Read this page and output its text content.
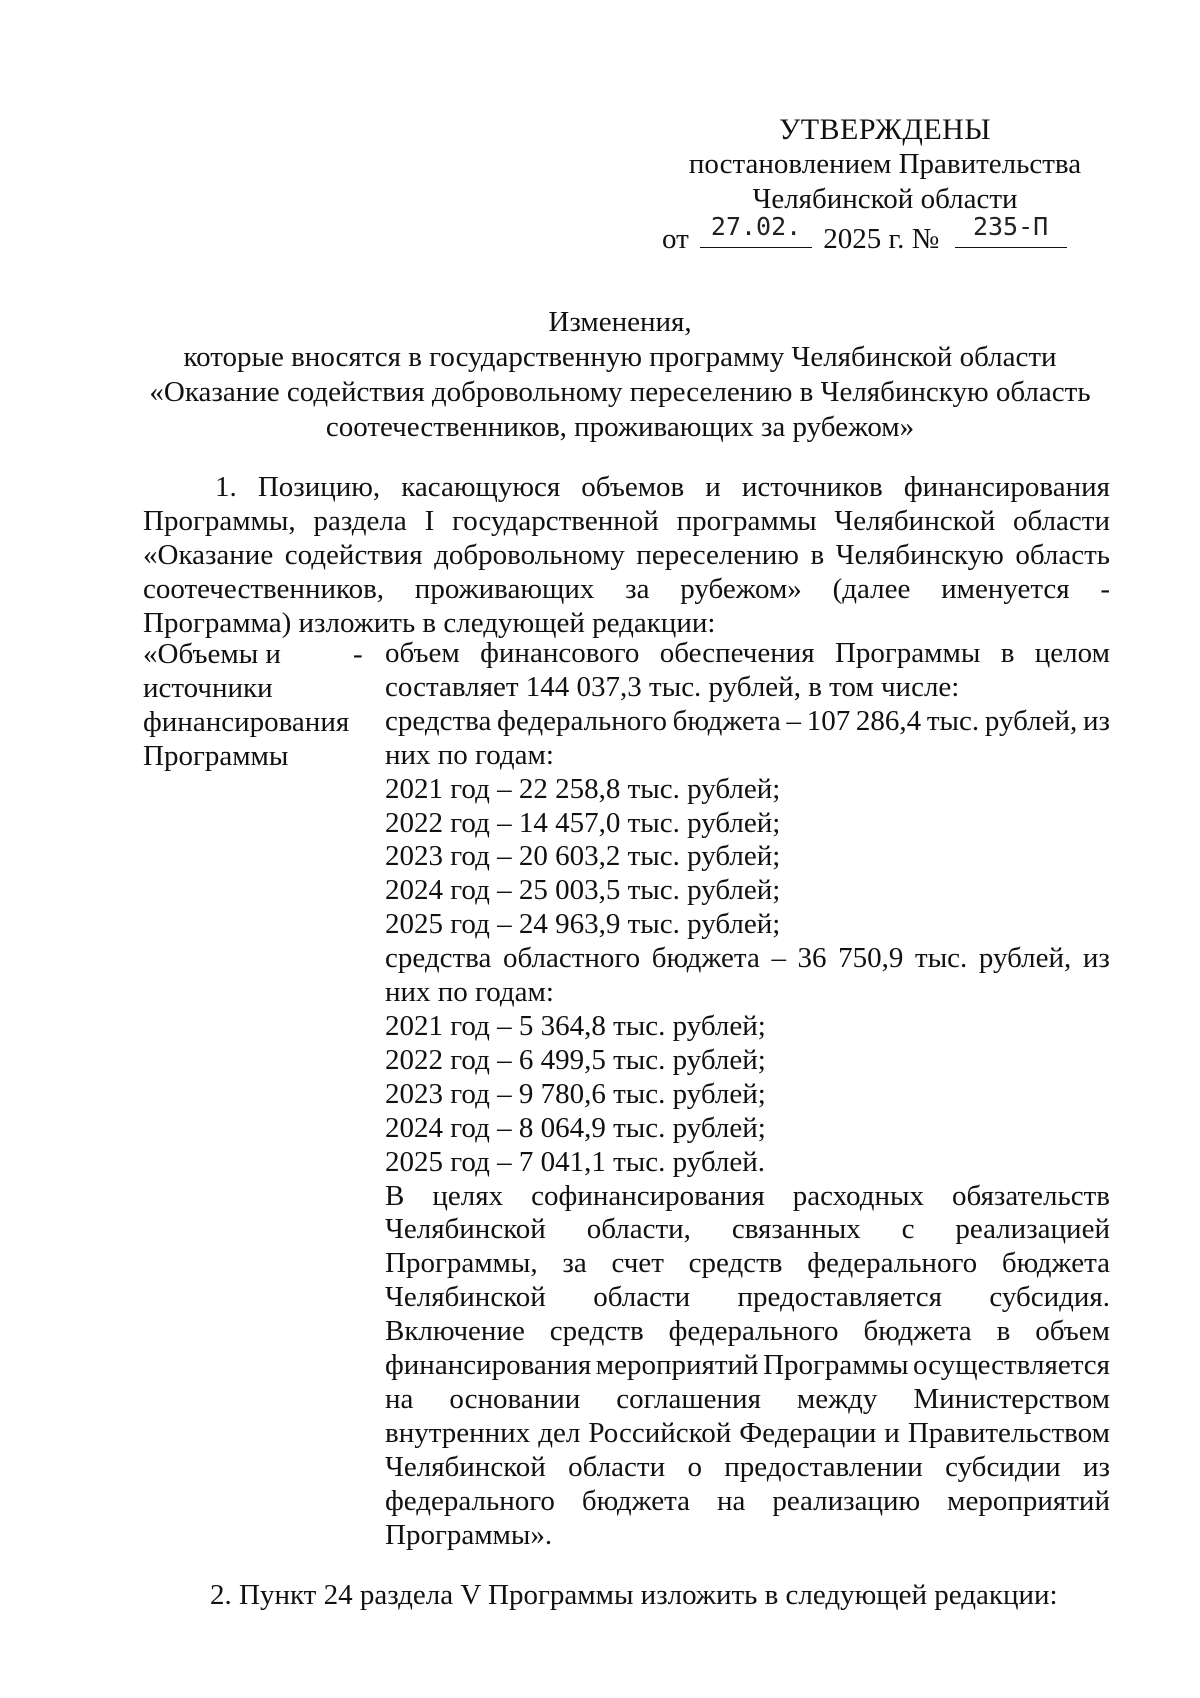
УТВЕРЖДЕНЫ
постановлением Правительства
Челябинской области
от 27.02. 2025 г. №	235-П
Изменения,
которые вносятся в государственную программу Челябинской области
«Оказание содействия добровольному переселению в Челябинскую область
соотечественников, проживающих за рубежом»
1. Позицию, касающуюся объемов и источников финансирования Программы, раздела I государственной программы Челябинской области «Оказание содействия добровольному переселению в Челябинскую область соотечественников, проживающих за рубежом» (далее именуется - Программа) изложить в следующей редакции:
«Объемы и
источники
финансирования
Программы
- объем финансового обеспечения Программы в целом
составляет 144 037,3 тыс. рублей, в том числе:
средства федерального бюджета – 107 286,4 тыс. рублей, из
них по годам:
2021 год – 22 258,8 тыс. рублей;
2022 год – 14 457,0 тыс. рублей;
2023 год – 20 603,2 тыс. рублей;
2024 год – 25 003,5 тыс. рублей;
2025 год – 24 963,9 тыс. рублей;
средства областного бюджета – 36 750,9 тыс. рублей, из
них по годам:
2021 год – 5 364,8 тыс. рублей;
2022 год – 6 499,5 тыс. рублей;
2023 год – 9 780,6 тыс. рублей;
2024 год – 8 064,9 тыс. рублей;
2025 год – 7 041,1 тыс. рублей.
В целях софинансирования расходных обязательств
Челябинской области, связанных с реализацией
Программы, за счет средств федерального бюджета
Челябинской области предоставляется субсидия.
Включение средств федерального бюджета в объем
финансирования мероприятий Программы осуществляется
на основании соглашения между Министерством
внутренних дел Российской Федерации и Правительством
Челябинской области о предоставлении субсидии из
федерального бюджета на реализацию мероприятий
Программы».
2. Пункт 24 раздела V Программы изложить в следующей редакции:
